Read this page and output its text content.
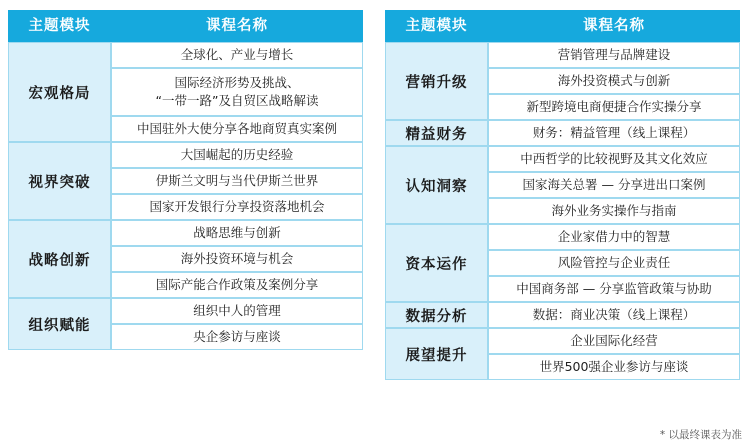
主题模块	课程名称
宏观格局	全球化、产业与增长
	国际经济形势及挑战、
“一带一路”及自贸区战略解读
	中国驻外大使分享各地商贸真实案例
视界突破	大国崛起的历史经验
	伊斯兰文明与当代伊斯兰世界
	国家开发银行分享投资落地机会
战略创新	战略思维与创新
	海外投资环境与机会
	国际产能合作政策及案例分享
组织赋能	组织中人的管理
	央企参访与座谈
主题模块	课程名称
营销升级	营销管理与品牌建设
	海外投资模式与创新
	新型跨境电商便捷合作实操分享
精益财务	财务：精益管理（线上课程）
认知洞察	中西哲学的比较视野及其文化效应
	国家海关总署 — 分享进出口案例
	海外业务实操作与指南
资本运作	企业家借力中的智慧
	风险管控与企业责任
	中国商务部 — 分享监管政策与协助
数据分析	数据：商业决策（线上课程）
展望提升	企业国际化经营
	世界500强企业参访与座谈
* 以最终课表为准
